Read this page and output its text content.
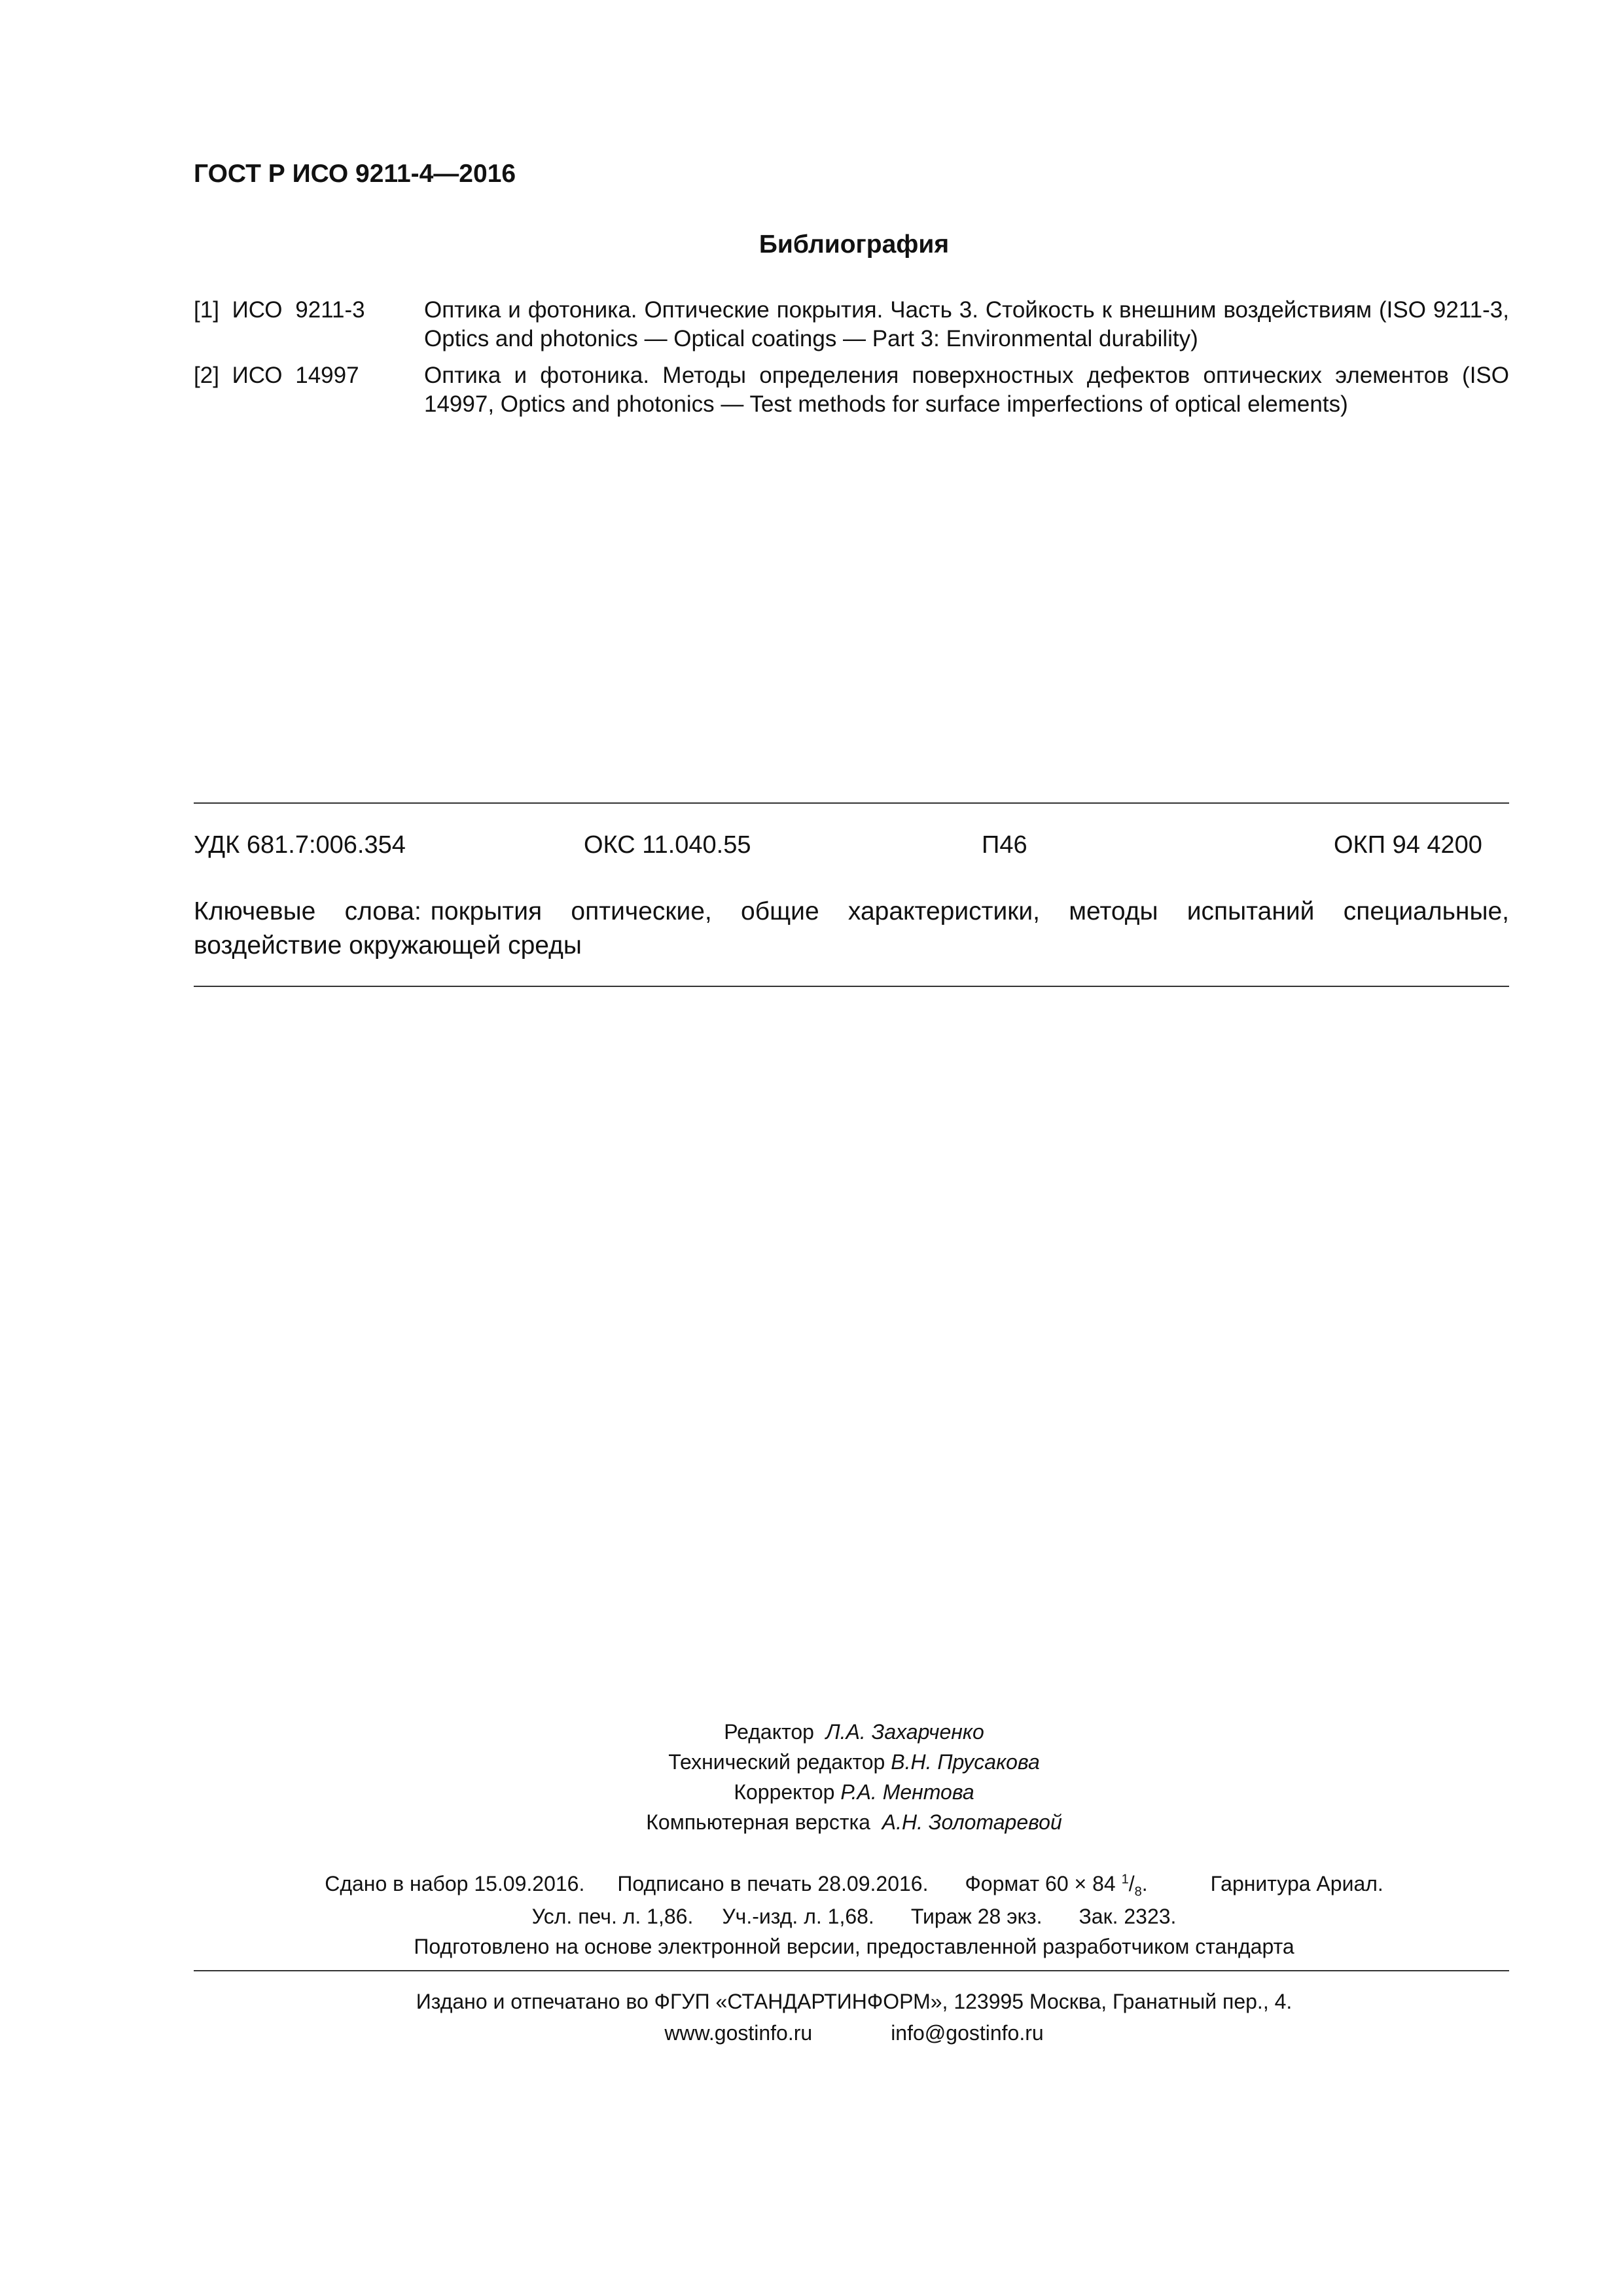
ГОСТ Р ИСО 9211-4—2016
Библиография
[1] ИСО 9211-3	Оптика и фотоника. Оптические покрытия. Часть 3. Стойкость к внешним воздействиям (ISO 9211-3, Optics and photonics — Optical coatings — Part 3: Environmental durability)
[2] ИСО 14997	Оптика и фотоника. Методы определения поверхностных дефектов оптических элементов (ISO 14997, Optics and photonics — Test methods for surface imperfections of optical elements)
УДК 681.7:006.354	ОКС 11.040.55	П46	ОКП 94 4200
Ключевые слова: покрытия оптические, общие характеристики, методы испытаний специальные, воздействие окружающей среды
Редактор Л.А. Захарченко
Технический редактор В.Н. Прусакова
Корректор Р.А. Ментова
Компьютерная верстка А.Н. Золотаревой
Сдано в набор 15.09.2016. Подписано в печать 28.09.2016. Формат 60 × 84 $^1/_8$.	Гарнитура Ариал.
Усл. печ. л. 1,86. Уч.-изд. л. 1,68. Тираж 28 экз. Зак. 2323.
Подготовлено на основе электронной версии, предоставленной разработчиком стандарта
Издано и отпечатано во ФГУП «СТАНДАРТИНФОРМ», 123995 Москва, Гранатный пер., 4.
www.gostinfo.ru	info@gostinfo.ru
